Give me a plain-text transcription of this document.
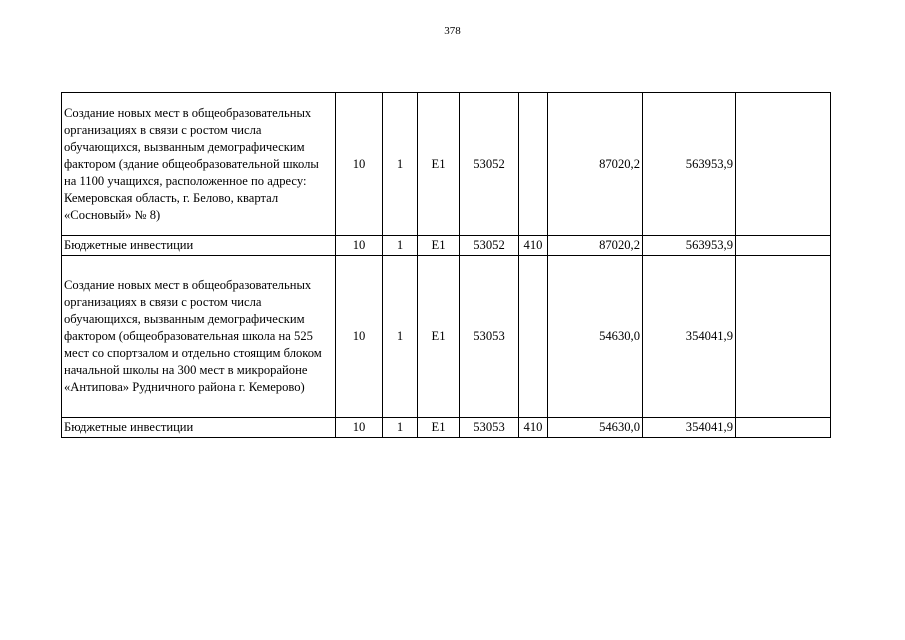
378
Создание новых мест в общеобразовательных организациях в связи с ростом числа обучающихся, вызванным демографическим фактором (здание общеобразовательной школы на 1100 учащихся, расположенное по адресу: Кемеровская область, г. Белово, квартал «Сосновый» № 8)	10	1	Е1	53052		87020,2	563953,9	
Бюджетные инвестиции	10	1	Е1	53052	410	87020,2	563953,9	
Создание новых мест в общеобразовательных организациях в связи с ростом числа обучающихся, вызванным демографическим фактором (общеобразовательная школа на 525 мест со спортзалом и отдельно стоящим блоком начальной школы на 300 мест в микрорайоне «Антипова» Рудничного района г. Кемерово)	10	1	Е1	53053		54630,0	354041,9	
Бюджетные инвестиции	10	1	Е1	53053	410	54630,0	354041,9	
